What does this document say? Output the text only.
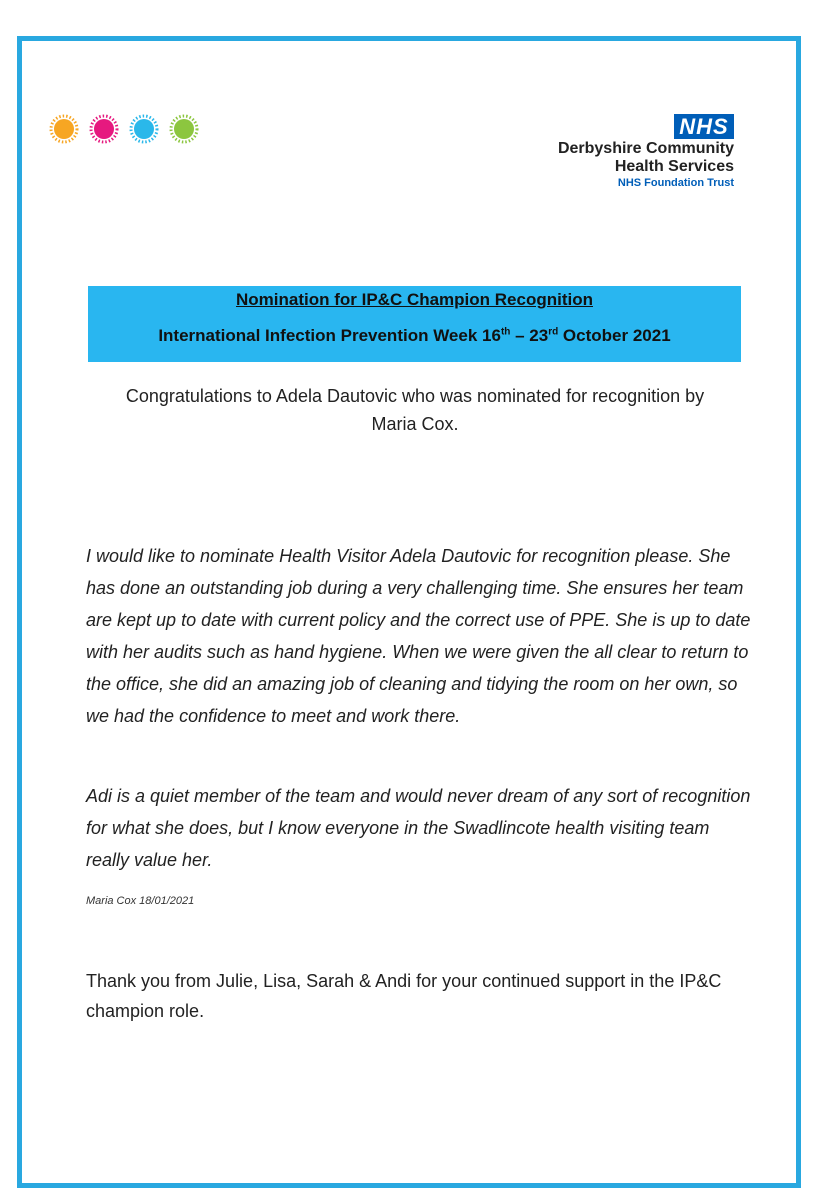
NHS
Derbyshire Community
Health Services
NHS Foundation Trust
Nomination for IP&C Champion Recognition
International Infection Prevention Week 16th – 23rd October 2021
Congratulations to Adela Dautovic who was nominated for recognition by Maria Cox.

I would like to nominate Health Visitor Adela Dautovic for recognition please. She has done an outstanding job during a very challenging time. She ensures her team are kept up to date with current policy and the correct use of PPE. She is up to date with her audits such as hand hygiene. When we were given the all clear to return to the office, she did an amazing job of cleaning and tidying the room on her own, so we had the confidence to meet and work there.

Adi is a quiet member of the team and would never dream of any sort of recognition for what she does, but I know everyone in the Swadlincote health visiting team really value her.

Maria Cox 18/01/2021
Thank you from Julie, Lisa, Sarah & Andi for your continued support in the IP&C champion role.
